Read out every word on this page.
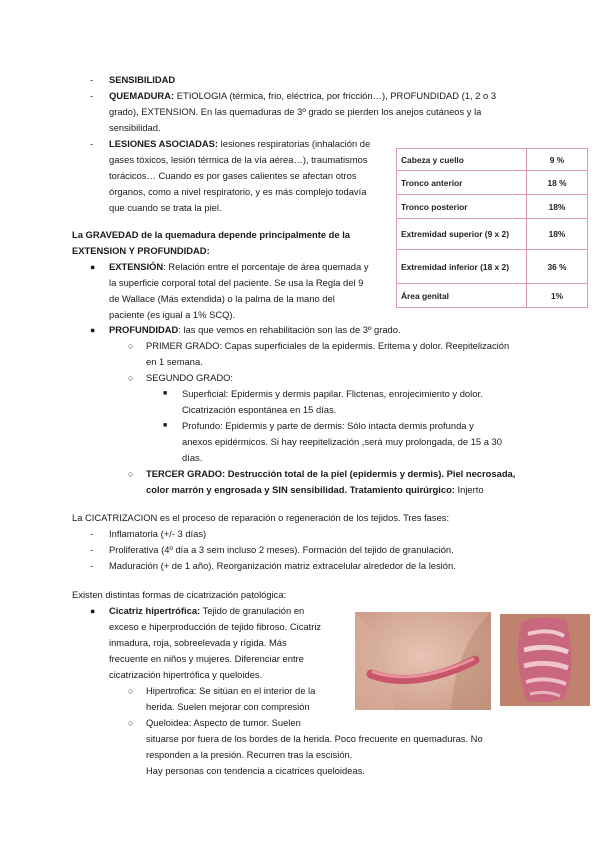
- SENSIBILIDAD
- QUEMADURA: ETIOLOGIA (térmica, frio, eléctrica, por fricción…), PROFUNDIDAD (1, 2 o 3
grado), EXTENSION. En las quemaduras de 3º grado se pierden los anejos cutáneos y la
sensibilidad.
- LESIONES ASOCIADAS: lesiones respiratorias (inhalación de
gases tóxicos, lesión térmica de la vía aérea…), traumatismos
torácicos… Cuando es por gases calientes se afectan otros
órganos, como a nivel respiratorio, y es más complejo todavía
que cuando se trata la piel.
Cabeza y cuello	9 %
Tronco anterior	18 %
Tronco posterior	18%
Extremidad superior (9 x 2)	18%
Extremidad inferior (18 x 2)	36 %
Área genital	1%
La GRAVEDAD de la quemadura depende principalmente de la
EXTENSION Y PROFUNDIDAD:
● EXTENSIÓN: Relación entre el porcentaje de área quemada y
la superficie corporal total del paciente. Se usa la Regla del 9
de Wallace (Más extendida) o la palma de la mano del
paciente (es igual a 1% SCQ).
● PROFUNDIDAD: las que vemos en rehabilitación son las de 3º grado.
○ PRIMER GRADO: Capas superficiales de la epidermis. Eritema y dolor. Reepitelización
en 1 semana.
○ SEGUNDO GRADO:
■ Superficial: Epidermis y dermis papilar. Flictenas, enrojecimiento y dolor.
Cicatrización espontánea en 15 días.
■ Profundo: Epidermis y parte de dermis: Sólo intacta dermis profunda y
anexos epidérmicos. Si hay reepitelización ,será muy prolongada, de 15 a 30
días.
○ TERCER GRADO: Destrucción total de la piel (epidermis y dermis). Piel necrosada,
color marrón y engrosada y SIN sensibilidad. Tratamiento quirúrgico: Injerto
La CICATRIZACION es el proceso de reparación o regeneración de los tejidos. Tres fases:
- Inflamatoria (+/- 3 días)
- Proliferativa (4º día a 3 sem incluso 2 meses). Formación del tejido de granulación.
- Maduración (+ de 1 año). Reorganización matriz extracelular alrededor de la lesión.
Existen distintas formas de cicatrización patológica:
● Cicatriz hipertrófica: Tejido de granulación en
exceso e hiperproducción de tejido fibroso. Cicatriz
inmadura, roja, sobreelevada y rígida. Más
frecuente en niños y mujeres. Diferenciar entre
cicatrización hipertrófica y queloides.
○ Hipertrofica: Se sitúan en el interior de la
herida. Suelen mejorar con compresión
○ Queloidea: Aspecto de tumor. Suelen
situarse por fuera de los bordes de la herida. Poco frecuente en quemaduras. No
responden a la presión. Recurren tras la escisión.
Hay personas con tendencia a cicatrices queloideas.
